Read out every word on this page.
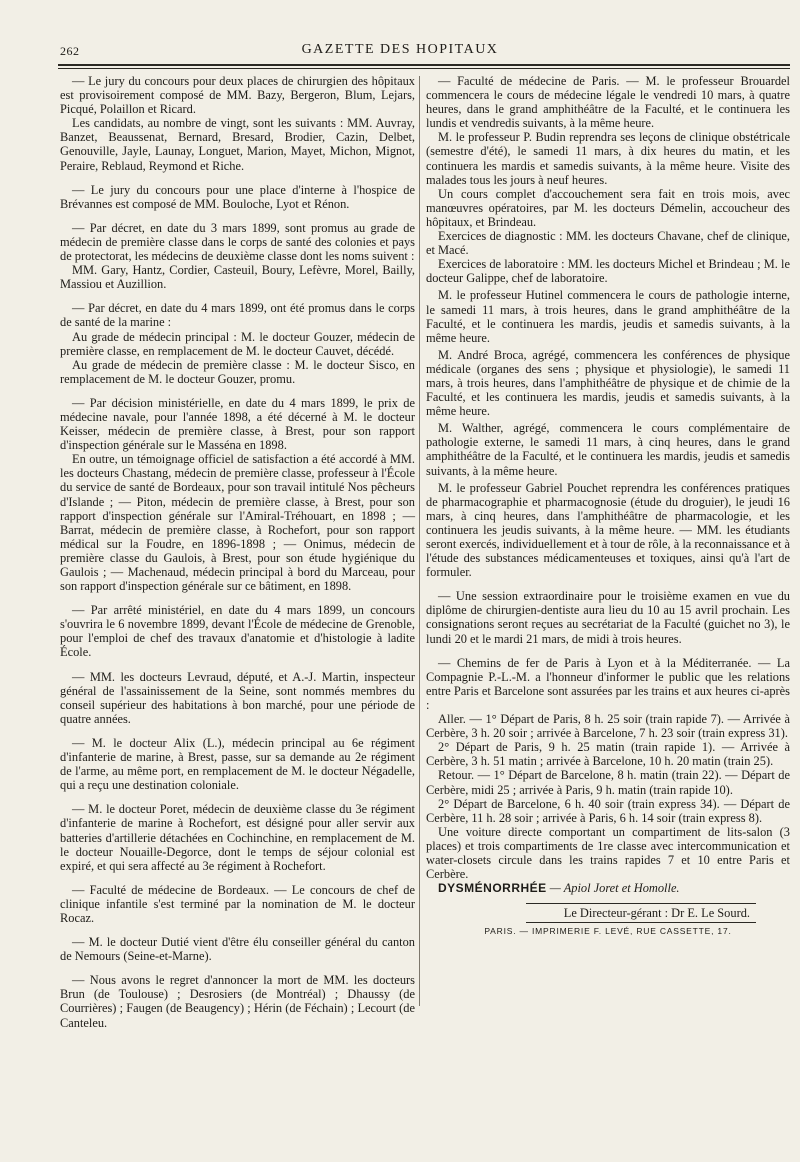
262	GAZETTE DES HOPITAUX

— Le jury du concours pour deux places de chirurgien des hôpitaux est provisoirement composé de MM. Bazy, Bergeron, Blum, Lejars, Picqué, Polaillon et Ricard.

Les candidats, au nombre de vingt, sont les suivants : MM. Auvray, Banzet, Beaussenat, Bernard, Bresard, Brodier, Cazin, Delbet, Genouville, Jayle, Launay, Longuet, Marion, Mayet, Michon, Mignot, Peraire, Reblaud, Reymond et Riche.

— Le jury du concours pour une place d'interne à l'hospice de Brévannes est composé de MM. Bouloche, Lyot et Rénon.

— Par décret, en date du 3 mars 1899, sont promus au grade de médecin de première classe dans le corps de santé des colonies et pays de protectorat, les médecins de deuxième classe dont les noms suivent :

MM. Gary, Hantz, Cordier, Casteuil, Boury, Lefèvre, Morel, Bailly, Massiou et Auzillion.

— Par décret, en date du 4 mars 1899, ont été promus dans le corps de santé de la marine :

Au grade de médecin principal : M. le docteur Gouzer, médecin de première classe, en remplacement de M. le docteur Cauvet, décédé.

Au grade de médecin de première classe : M. le docteur Sisco, en remplacement de M. le docteur Gouzer, promu.

— Par décision ministérielle, en date du 4 mars 1899, le prix de médecine navale, pour l'année 1898, a été décerné à M. le docteur Keisser, médecin de première classe, à Brest, pour son rapport d'inspection générale sur le Masséna en 1898.

En outre, un témoignage officiel de satisfaction a été accordé à MM. les docteurs Chastang, médecin de première classe, professeur à l'École du service de santé de Bordeaux, pour son travail intitulé Nos pêcheurs d'Islande ; — Piton, médecin de première classe, à Brest, pour son rapport d'inspection générale sur l'Amiral-Tréhouart, en 1898 ; — Barrat, médecin de première classe, à Rochefort, pour son rapport médical sur la Foudre, en 1896-1898 ; — Onimus, médecin de première classe du Gaulois, à Brest, pour son étude hygiénique du Gaulois ; — Machenaud, médecin principal à bord du Marceau, pour son rapport d'inspection générale sur ce bâtiment, en 1898.

— Par arrêté ministériel, en date du 4 mars 1899, un concours s'ouvrira le 6 novembre 1899, devant l'École de médecine de Grenoble, pour l'emploi de chef des travaux d'anatomie et d'histologie à ladite École.

— MM. les docteurs Levraud, député, et A.-J. Martin, inspecteur général de l'assainissement de la Seine, sont nommés membres du conseil supérieur des habitations à bon marché, pour une période de quatre années.

— M. le docteur Alix (L.), médecin principal au 6e régiment d'infanterie de marine, à Brest, passe, sur sa demande au 2e régiment de l'arme, au même port, en remplacement de M. le docteur Négadelle, qui a reçu une destination coloniale.

— M. le docteur Poret, médecin de deuxième classe du 3e régiment d'infanterie de marine à Rochefort, est désigné pour aller servir aux batteries d'artillerie détachées en Cochinchine, en remplacement de M. le docteur Nouaille-Degorce, dont le temps de séjour colonial est expiré, et qui sera affecté au 3e régiment à Rochefort.

— Faculté de médecine de Bordeaux. — Le concours de chef de clinique infantile s'est terminé par la nomination de M. le docteur Rocaz.

— M. le docteur Dutié vient d'être élu conseiller général du canton de Nemours (Seine-et-Marne).

— Nous avons le regret d'annoncer la mort de MM. les docteurs Brun (de Toulouse) ; Desrosiers (de Montréal) ; Dhaussy (de Courrières) ; Faugen (de Beaugency) ; Hérin (de Féchain) ; Lecourt (de Canteleu.

— Faculté de médecine de Paris. — M. le professeur Brouardel commencera le cours de médecine légale le vendredi 10 mars, à quatre heures, dans le grand amphithéâtre de la Faculté, et le continuera les lundis et vendredis suivants, à la même heure.

M. le professeur P. Budin reprendra ses leçons de clinique obstétricale (semestre d'été), le samedi 11 mars, à dix heures du matin, et les continuera les mardis et samedis suivants, à la même heure. Visite des malades tous les jours à neuf heures.

Un cours complet d'accouchement sera fait en trois mois, avec manœuvres opératoires, par M. les docteurs Démelin, accoucheur des hôpitaux, et Brindeau.

Exercices de diagnostic : MM. les docteurs Chavane, chef de clinique, et Macé.

Exercices de laboratoire : MM. les docteurs Michel et Brindeau ; M. le docteur Galippe, chef de laboratoire.

M. le professeur Hutinel commencera le cours de pathologie interne, le samedi 11 mars, à trois heures, dans le grand amphithéâtre de la Faculté, et le continuera les mardis, jeudis et samedis suivants, à la même heure.

M. André Broca, agrégé, commencera les conférences de physique médicale (organes des sens ; physique et physiologie), le samedi 11 mars, à trois heures, dans l'amphithéâtre de physique et de chimie de la Faculté, et les continuera les mardis, jeudis et samedis suivants, à la même heure.

M. Walther, agrégé, commencera le cours complémentaire de pathologie externe, le samedi 11 mars, à cinq heures, dans le grand amphithéâtre de la Faculté, et le continuera les mardis, jeudis et samedis suivants, à la même heure.

M. le professeur Gabriel Pouchet reprendra les conférences pratiques de pharmacographie et pharmacognosie (étude du droguier), le jeudi 16 mars, à cinq heures, dans l'amphithéâtre de pharmacologie, et les continuera les jeudis suivants, à la même heure. — MM. les étudiants seront exercés, individuellement et à tour de rôle, à la reconnaissance et à l'étude des substances médicamenteuses et toxiques, ainsi qu'à l'art de formuler.

— Une session extraordinaire pour le troisième examen en vue du diplôme de chirurgien-dentiste aura lieu du 10 au 15 avril prochain. Les consignations seront reçues au secrétariat de la Faculté (guichet no 3), le lundi 20 et le mardi 21 mars, de midi à trois heures.

— Chemins de fer de Paris à Lyon et à la Méditerranée. — La Compagnie P.-L.-M. a l'honneur d'informer le public que les relations entre Paris et Barcelone sont assurées par les trains et aux heures ci-après :

Aller. — 1° Départ de Paris, 8 h. 25 soir (train rapide 7). — Arrivée à Cerbère, 3 h. 20 soir ; arrivée à Barcelone, 7 h. 23 soir (train express 31).

2° Départ de Paris, 9 h. 25 matin (train rapide 1). — Arrivée à Cerbère, 3 h. 51 matin ; arrivée à Barcelone, 10 h. 20 matin (train 25).

Retour. — 1° Départ de Barcelone, 8 h. matin (train 22). — Départ de Cerbère, midi 25 ; arrivée à Paris, 9 h. matin (train rapide 10).

2° Départ de Barcelone, 6 h. 40 soir (train express 34). — Départ de Cerbère, 11 h. 28 soir ; arrivée à Paris, 6 h. 14 soir (train express 8).

Une voiture directe comportant un compartiment de lits-salon (3 places) et trois compartiments de 1re classe avec intercommunication et water-closets circule dans les trains rapides 7 et 10 entre Paris et Cerbère.

DYSMÉNORRHÉE — Apiol Joret et Homolle.

Le Directeur-gérant : Dr E. Le Sourd.
PARIS. — IMPRIMERIE F. LEVÉ, RUE CASSETTE, 17.
